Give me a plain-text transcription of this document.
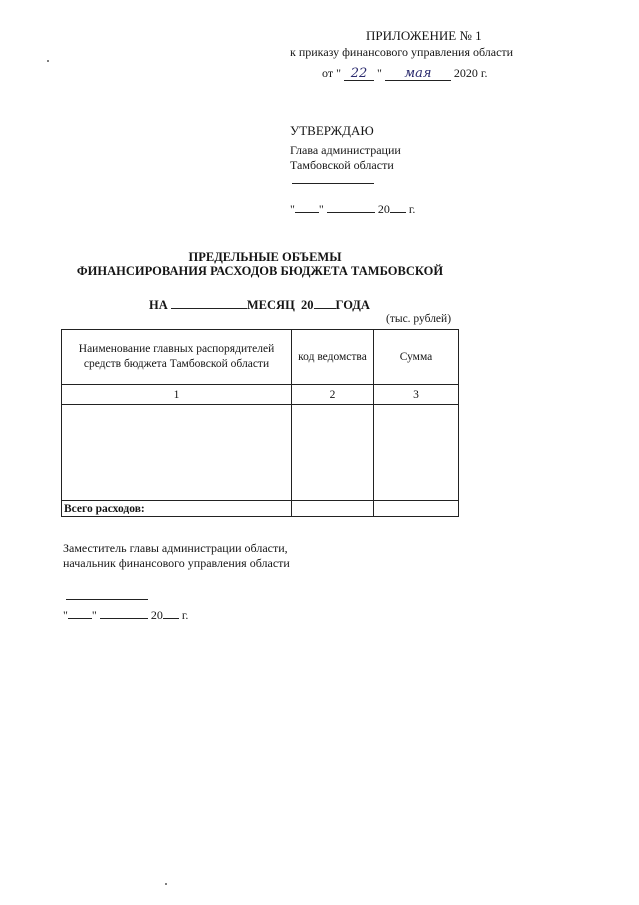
ПРИЛОЖЕНИЕ № 1
к приказу финансового управления области
от " 22 " мая 2020 г.
УТВЕРЖДАЮ
Глава администрации
Тамбовской области
" "	20 г.
ПРЕДЕЛЬНЫЕ ОБЪЕМЫ
ФИНАНСИРОВАНИЯ РАСХОДОВ БЮДЖЕТА ТАМБОВСКОЙ
НА	МЕСЯЦ 20 ГОДА
(тыс. рублей)
Наименование главных распорядителей средств бюджета Тамбовской области	код ведомства	Сумма
1	2	3

Всего расходов:		
Заместитель главы администрации области,
начальник финансового управления области
" "	20 г.
